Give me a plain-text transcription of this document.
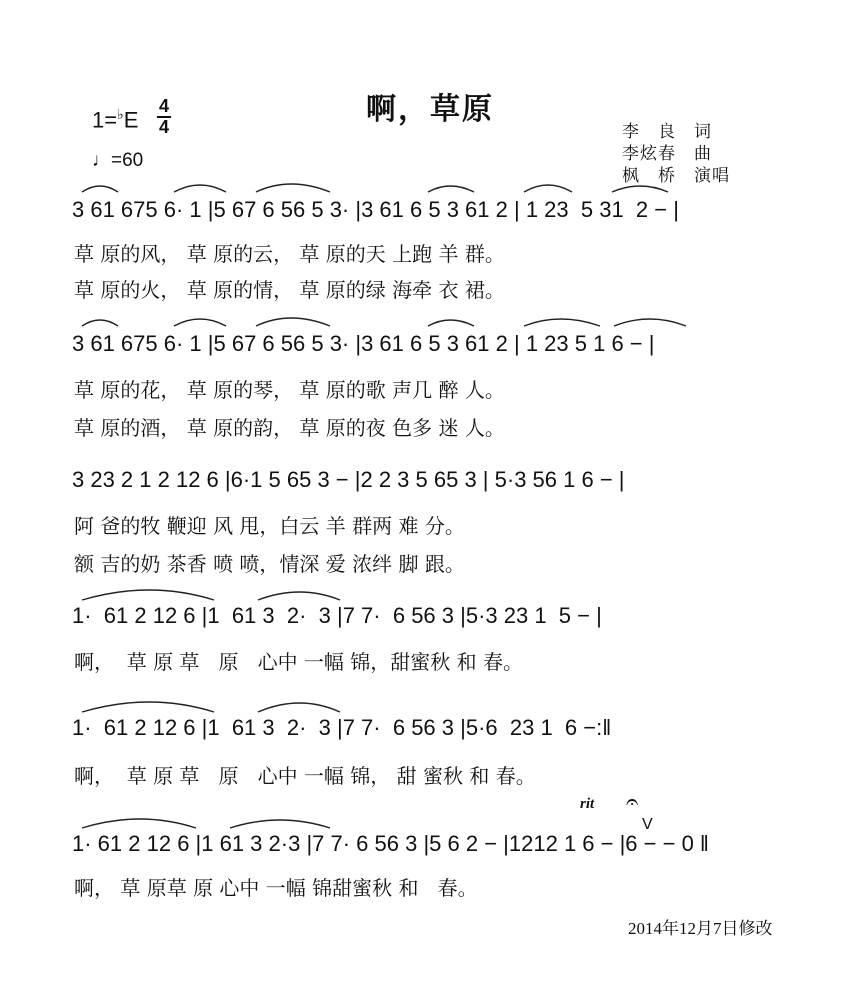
啊，草原
1=♭E
4
4
♩=60
李　良　 词
李炫春　 曲
枫　桥　 演唱
3 61 675 6· 1 |5 67 6 56 5 3· |3 61 6 5 3 61 2 | 1 23  5 31  2 − |
草 原的风， 草 原的云， 草 原的天 上跑 羊 群。
草 原的火， 草 原的情， 草 原的绿 海牵 衣 裙。
3 61 675 6· 1 |5 67 6 56 5 3· |3 61 6 5 3 61 2 | 1 23 5 1 6 − |
草 原的花， 草 原的琴， 草 原的歌 声几 醉 人。
草 原的酒， 草 原的韵， 草 原的夜 色多 迷 人。
3 23 2 1 2 12 6 |6·1 5 65 3 − |2 2 3 5 65 3 | 5·3 56 1 6 − |
阿 爸的牧 鞭迎 风 甩，白云 羊 群两 难 分。
额 吉的奶 茶香 喷 喷，情深 爱 浓绊 脚 跟。
1·  61 2 12 6 |1  61 3  2·  3 |7 7·  6 56 3 |5·3 23 1  5 − |
啊，  草 原 草   原   心中 一幅 锦，甜蜜秋 和 春。
1·  61 2 12 6 |1  61 3  2·  3 |7 7·  6 56 3 |5·6  23 1  6 −:‖
啊，  草 原 草   原   心中 一幅 锦， 甜 蜜秋 和 春。
1· 61 2 12 6 |1 61 3 2·3 |7 7· 6 56 3 |5 6 2 − |1212 1 6 − |6 − − 0 ‖
啊， 草 原草 原 心中 一幅 锦甜蜜秋 和   春。
rit 𝄐
V
2014年12月7日修改
